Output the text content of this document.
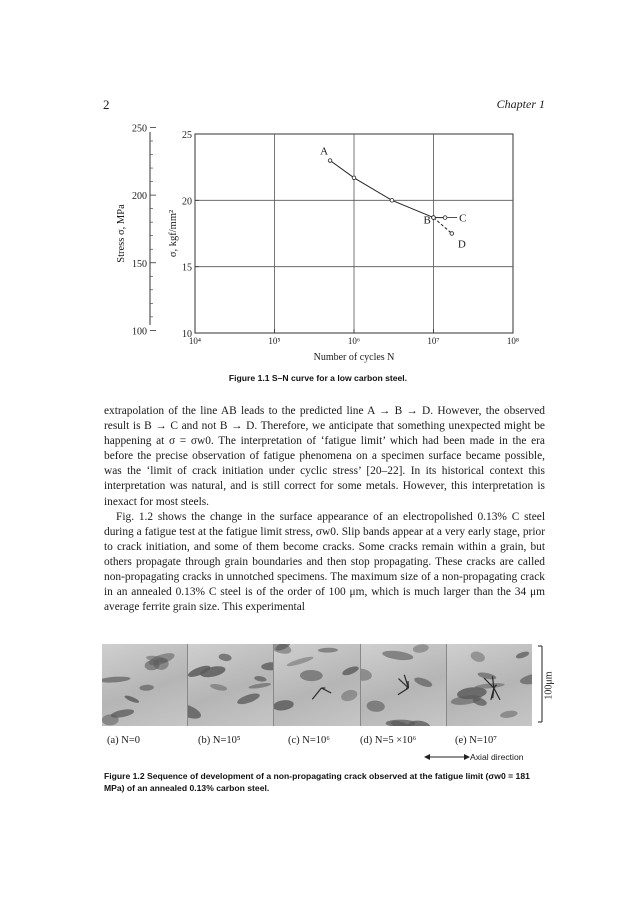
2	Chapter 1
10⁴	10⁵	10⁶	10⁷	10⁸
10
15
20
25
100
150
200
250
Stress σ, MPa	σ, kgf/mm²
Number of cycles N
A
B	C
D
Figure 1.1 S–N curve for a low carbon steel.

extrapolation of the line AB leads to the predicted line A → B → D. However, the observed result is B → C and not B → D. Therefore, we anticipate that something unexpected might be happening at σ = σw0. The interpretation of ‘fatigue limit’ which had been made in the era before the precise observation of fatigue phenomena on a specimen surface became possible, was the ‘limit of crack initiation under cyclic stress’ [20–22]. In its historical context this interpretation was natural, and is still correct for some metals. However, this interpretation is inexact for most steels.

Fig. 1.2 shows the change in the surface appearance of an electropolished 0.13% C steel during a fatigue test at the fatigue limit stress, σw0. Slip bands appear at a very early stage, prior to crack initiation, and some of them become cracks. Some cracks remain within a grain, but others propagate through grain boundaries and then stop propagating. These cracks are called non-propagating cracks in unnotched specimens. The maximum size of a non-propagating crack in an annealed 0.13% C steel is of the order of 100 μm, which is much larger than the 34 μm average ferrite grain size. This experimental

100μm
(a) N=0	(b) N=10⁵	(c) N=10⁶	(d) N=5 ×10⁶	(e) N=10⁷
Axial direction
Figure 1.2 Sequence of development of a non-propagating crack observed at the fatigue limit (σw0 = 181 MPa) of an annealed 0.13% carbon steel.
